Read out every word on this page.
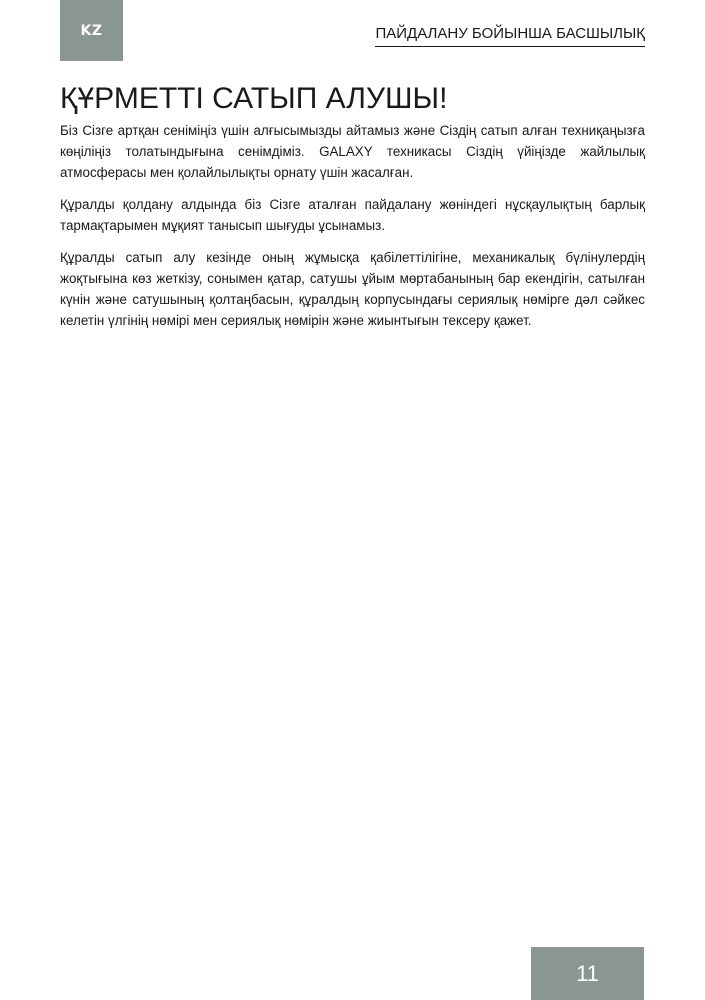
KZ	ПАЙДАЛАНУ БОЙЫНША БАСШЫЛЫҚ
ҚҰРМЕТТІ САТЫП АЛУШЫ!

Біз Сізге артқан сеніміңіз үшін алғысымызды айтамыз және Сіздің сатып алған техниқаңызға көңіліңіз толатындығына сенімдіміз. GALAXY техникасы Сіздің үйіңізде жайлылық атмосферасы мен қолайлылықты орнату үшін жасалған.

Құралды қолдану алдында біз Сізге аталған пайдалану жөніндегі нұсқаулықтың барлық тармақтарымен мұқият танысып шығуды ұсынамыз.

Құралды сатып алу кезінде оның жұмысқа қабілеттілігіне, механикалық бүлінулердің жоқтығына көз жеткізу, сонымен қатар, сатушы ұйым мөртабанының бар екендігін, сатылған күнін және сатушының қолтаңбасын, құралдың корпусындағы сериялық нөмірге дәл сәйкес келетін үлгінің нөмірі мен сериялық нөмірін және жиынтығын тексеру қажет.

11
